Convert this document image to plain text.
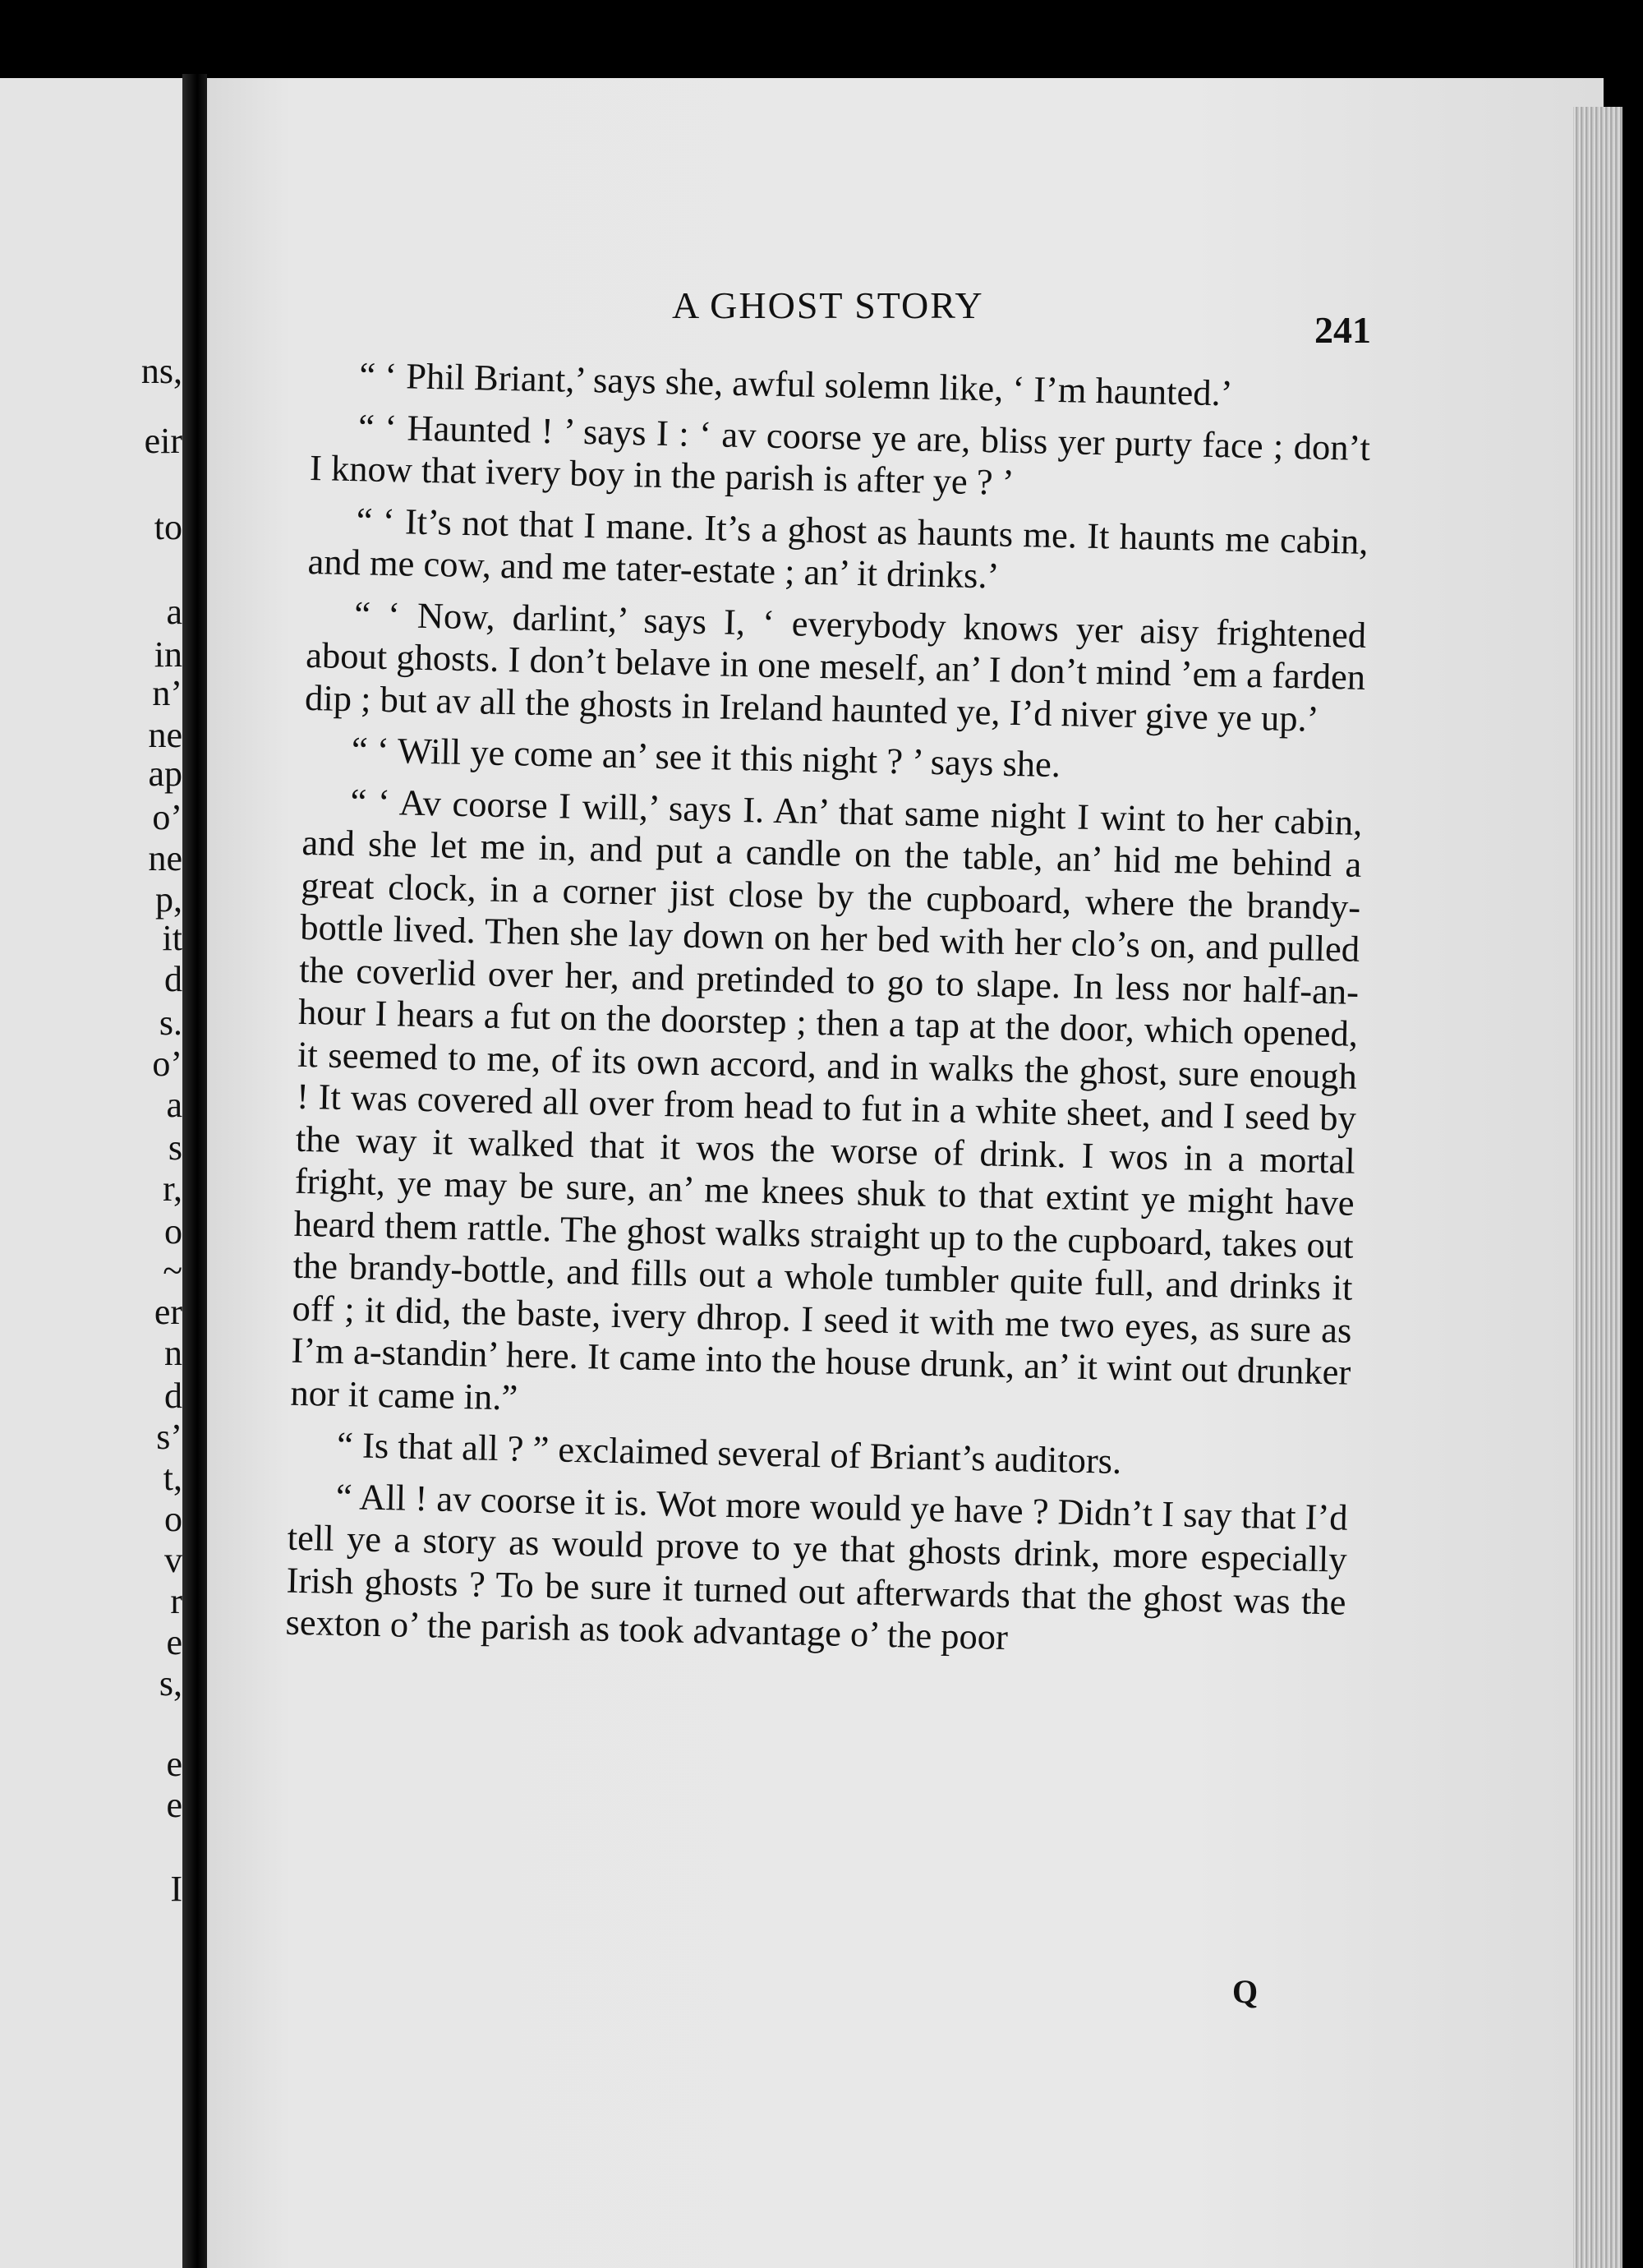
ns,
eir
to
a
in
n’
ne
ap
o’
ne
p,
it
d
s.
o’
a
s
r,
o
~
er
n
d
s’
t,
o
v
r
e
s,
e
e
I
A GHOST STORY
241

“ ‘ Phil Briant,’ says she, awful solemn like, ‘ I’m haunted.’

“ ‘ Haunted ! ’ says I : ‘ av coorse ye are, bliss yer purty face ; don’t I know that ivery boy in the parish is after ye ? ’

“ ‘ It’s not that I mane. It’s a ghost as haunts me. It haunts me cabin, and me cow, and me tater-estate ; an’ it drinks.’

“ ‘ Now, darlint,’ says I, ‘ everybody knows yer aisy frightened about ghosts. I don’t belave in one meself, an’ I don’t mind ’em a farden dip ; but av all the ghosts in Ireland haunted ye, I’d niver give ye up.’

“ ‘ Will ye come an’ see it this night ? ’ says she.

“ ‘ Av coorse I will,’ says I. An’ that same night I wint to her cabin, and she let me in, and put a candle on the table, an’ hid me behind a great clock, in a corner jist close by the cupboard, where the brandy-bottle lived. Then she lay down on her bed with her clo’s on, and pulled the coverlid over her, and pretinded to go to slape. In less nor half-an-hour I hears a fut on the doorstep ; then a tap at the door, which opened, it seemed to me, of its own accord, and in walks the ghost, sure enough ! It was covered all over from head to fut in a white sheet, and I seed by the way it walked that it wos the worse of drink. I wos in a mortal fright, ye may be sure, an’ me knees shuk to that extint ye might have heard them rattle. The ghost walks straight up to the cupboard, takes out the brandy-bottle, and fills out a whole tumbler quite full, and drinks it off ; it did, the baste, ivery dhrop. I seed it with me two eyes, as sure as I’m a-standin’ here. It came into the house drunk, an’ it wint out drunker nor it came in.”

“ Is that all ? ” exclaimed several of Briant’s auditors.

“ All ! av coorse it is. Wot more would ye have ? Didn’t I say that I’d tell ye a story as would prove to ye that ghosts drink, more especially Irish ghosts ? To be sure it turned out afterwards that the ghost was the sexton o’ the parish as took advantage o’ the poor

Q
